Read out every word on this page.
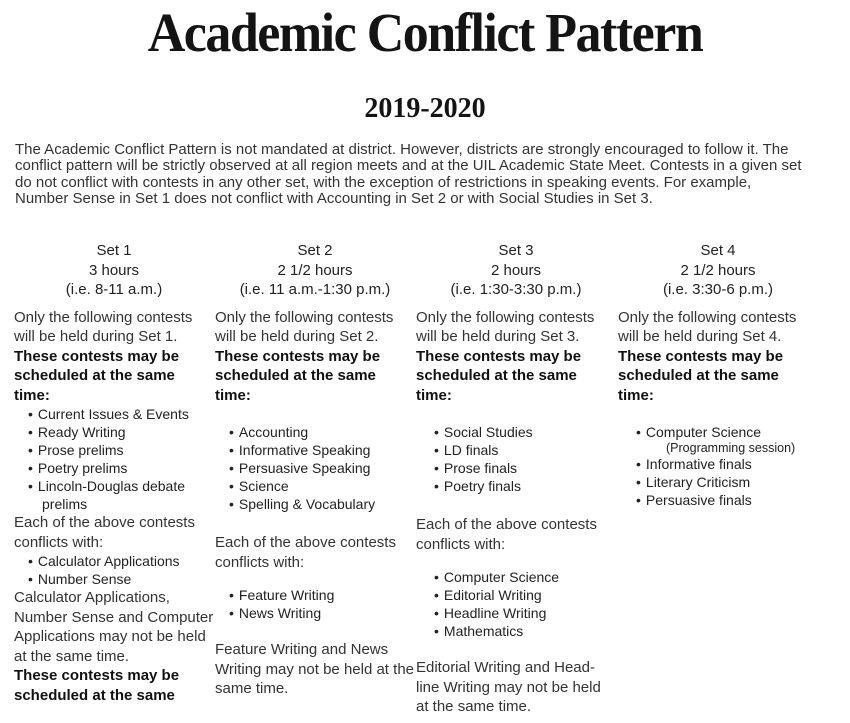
Academic Conflict Pattern
2019-2020
The Academic Conflict Pattern is not mandated at district. However, districts are strongly encouraged to follow it. The conflict pattern will be strictly observed at all region meets and at the UIL Academic State Meet. Contests in a given set do not conflict with contests in any other set, with the exception of restrictions in speaking events. For example, Number Sense in Set 1 does not conflict with Accounting in Set 2 or with Social Studies in Set 3.
Set 1
3 hours
(i.e. 8-11 a.m.)
Only the following contests will be held during Set 1.
These contests may be scheduled at the same time:
• Current Issues & Events
• Ready Writing
• Prose prelims
• Poetry prelims
• Lincoln-Douglas debate
prelims
Each of the above contests conflicts with:
• Calculator Applications
• Number Sense
Calculator Applications, Number Sense and Computer Applications may not be held at the same time.
These contests may be scheduled at the same
Set 2
2 1/2 hours
(i.e. 11 a.m.-1:30 p.m.)
Only the following contests will be held during Set 2.
These contests may be scheduled at the same time:
• Accounting
• Informative Speaking
• Persuasive Speaking
• Science
• Spelling & Vocabulary
Each of the above contests conflicts with:
• Feature Writing
• News Writing
Feature Writing and News Writing may not be held at the same time.
Set 3
2 hours
(i.e. 1:30-3:30 p.m.)
Only the following contests will be held during Set 3.
These contests may be scheduled at the same time:
• Social Studies
• LD finals
• Prose finals
• Poetry finals
Each of the above contests conflicts with:
• Computer Science
• Editorial Writing
• Headline Writing
• Mathematics
Editorial Writing and Head-line Writing may not be held at the same time.
Set 4
2 1/2 hours
(i.e. 3:30-6 p.m.)
Only the following contests will be held during Set 4.
These contests may be scheduled at the same time:
• Computer Science
(Programming session)
• Informative finals
• Literary Criticism
• Persuasive finals
